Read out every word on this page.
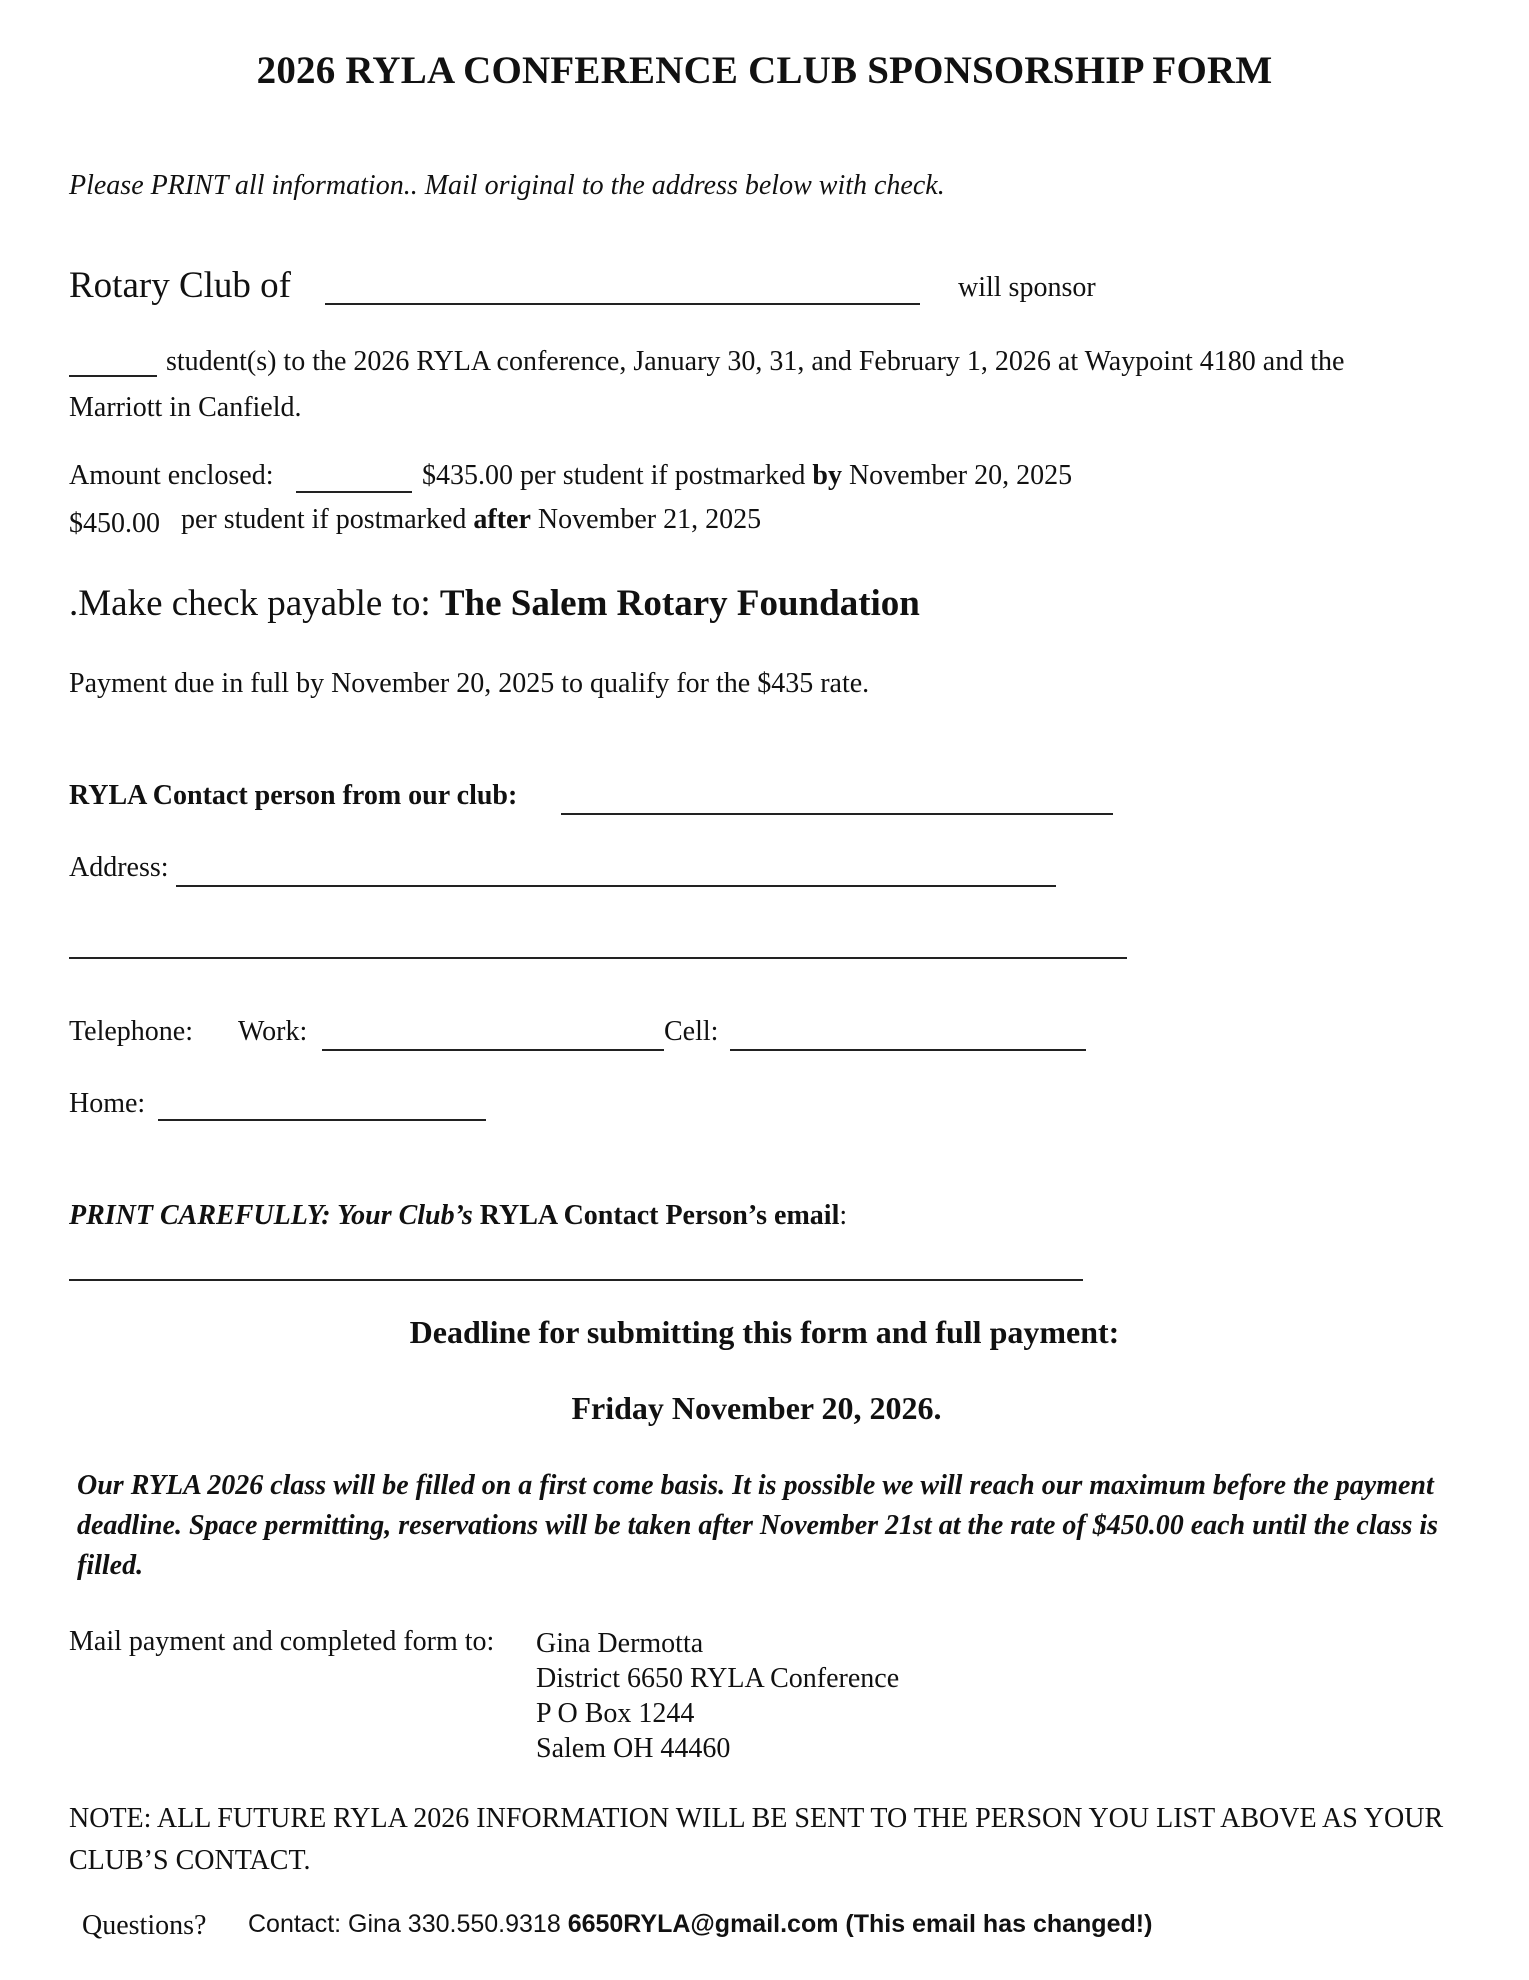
2026 RYLA CONFERENCE CLUB SPONSORSHIP FORM
Please PRINT all information.. Mail original to the address below with check.
Rotary Club of	will sponsor
student(s) to the 2026 RYLA conference, January 30, 31, and February 1, 2026 at Waypoint 4180 and the
Marriott in Canfield.
Amount enclosed:	$435.00 per student if postmarked by November 20, 2025
$450.00 per student if postmarked after November 21, 2025
.Make check payable to: The Salem Rotary Foundation
Payment due in full by November 20, 2025 to qualify for the $435 rate.
RYLA Contact person from our club:
Address:
Telephone: Work:	Cell:
Home:
PRINT CAREFULLY: Your Club’s RYLA Contact Person’s email:
Deadline for submitting this form and full payment:
Friday November 20, 2026.
Our RYLA 2026 class will be filled on a first come basis. It is possible we will reach our maximum before the payment deadline. Space permitting, reservations will be taken after November 21st at the rate of $450.00 each until the class is filled.
Mail payment and completed form to: Gina Dermotta
District 6650 RYLA Conference
P O Box 1244
Salem OH 44460
NOTE: ALL FUTURE RYLA 2026 INFORMATION WILL BE SENT TO THE PERSON YOU LIST ABOVE AS YOUR CLUB’S CONTACT.
Questions? Contact: Gina 330.550.9318 6650RYLA@gmail.com (This email has changed!)
